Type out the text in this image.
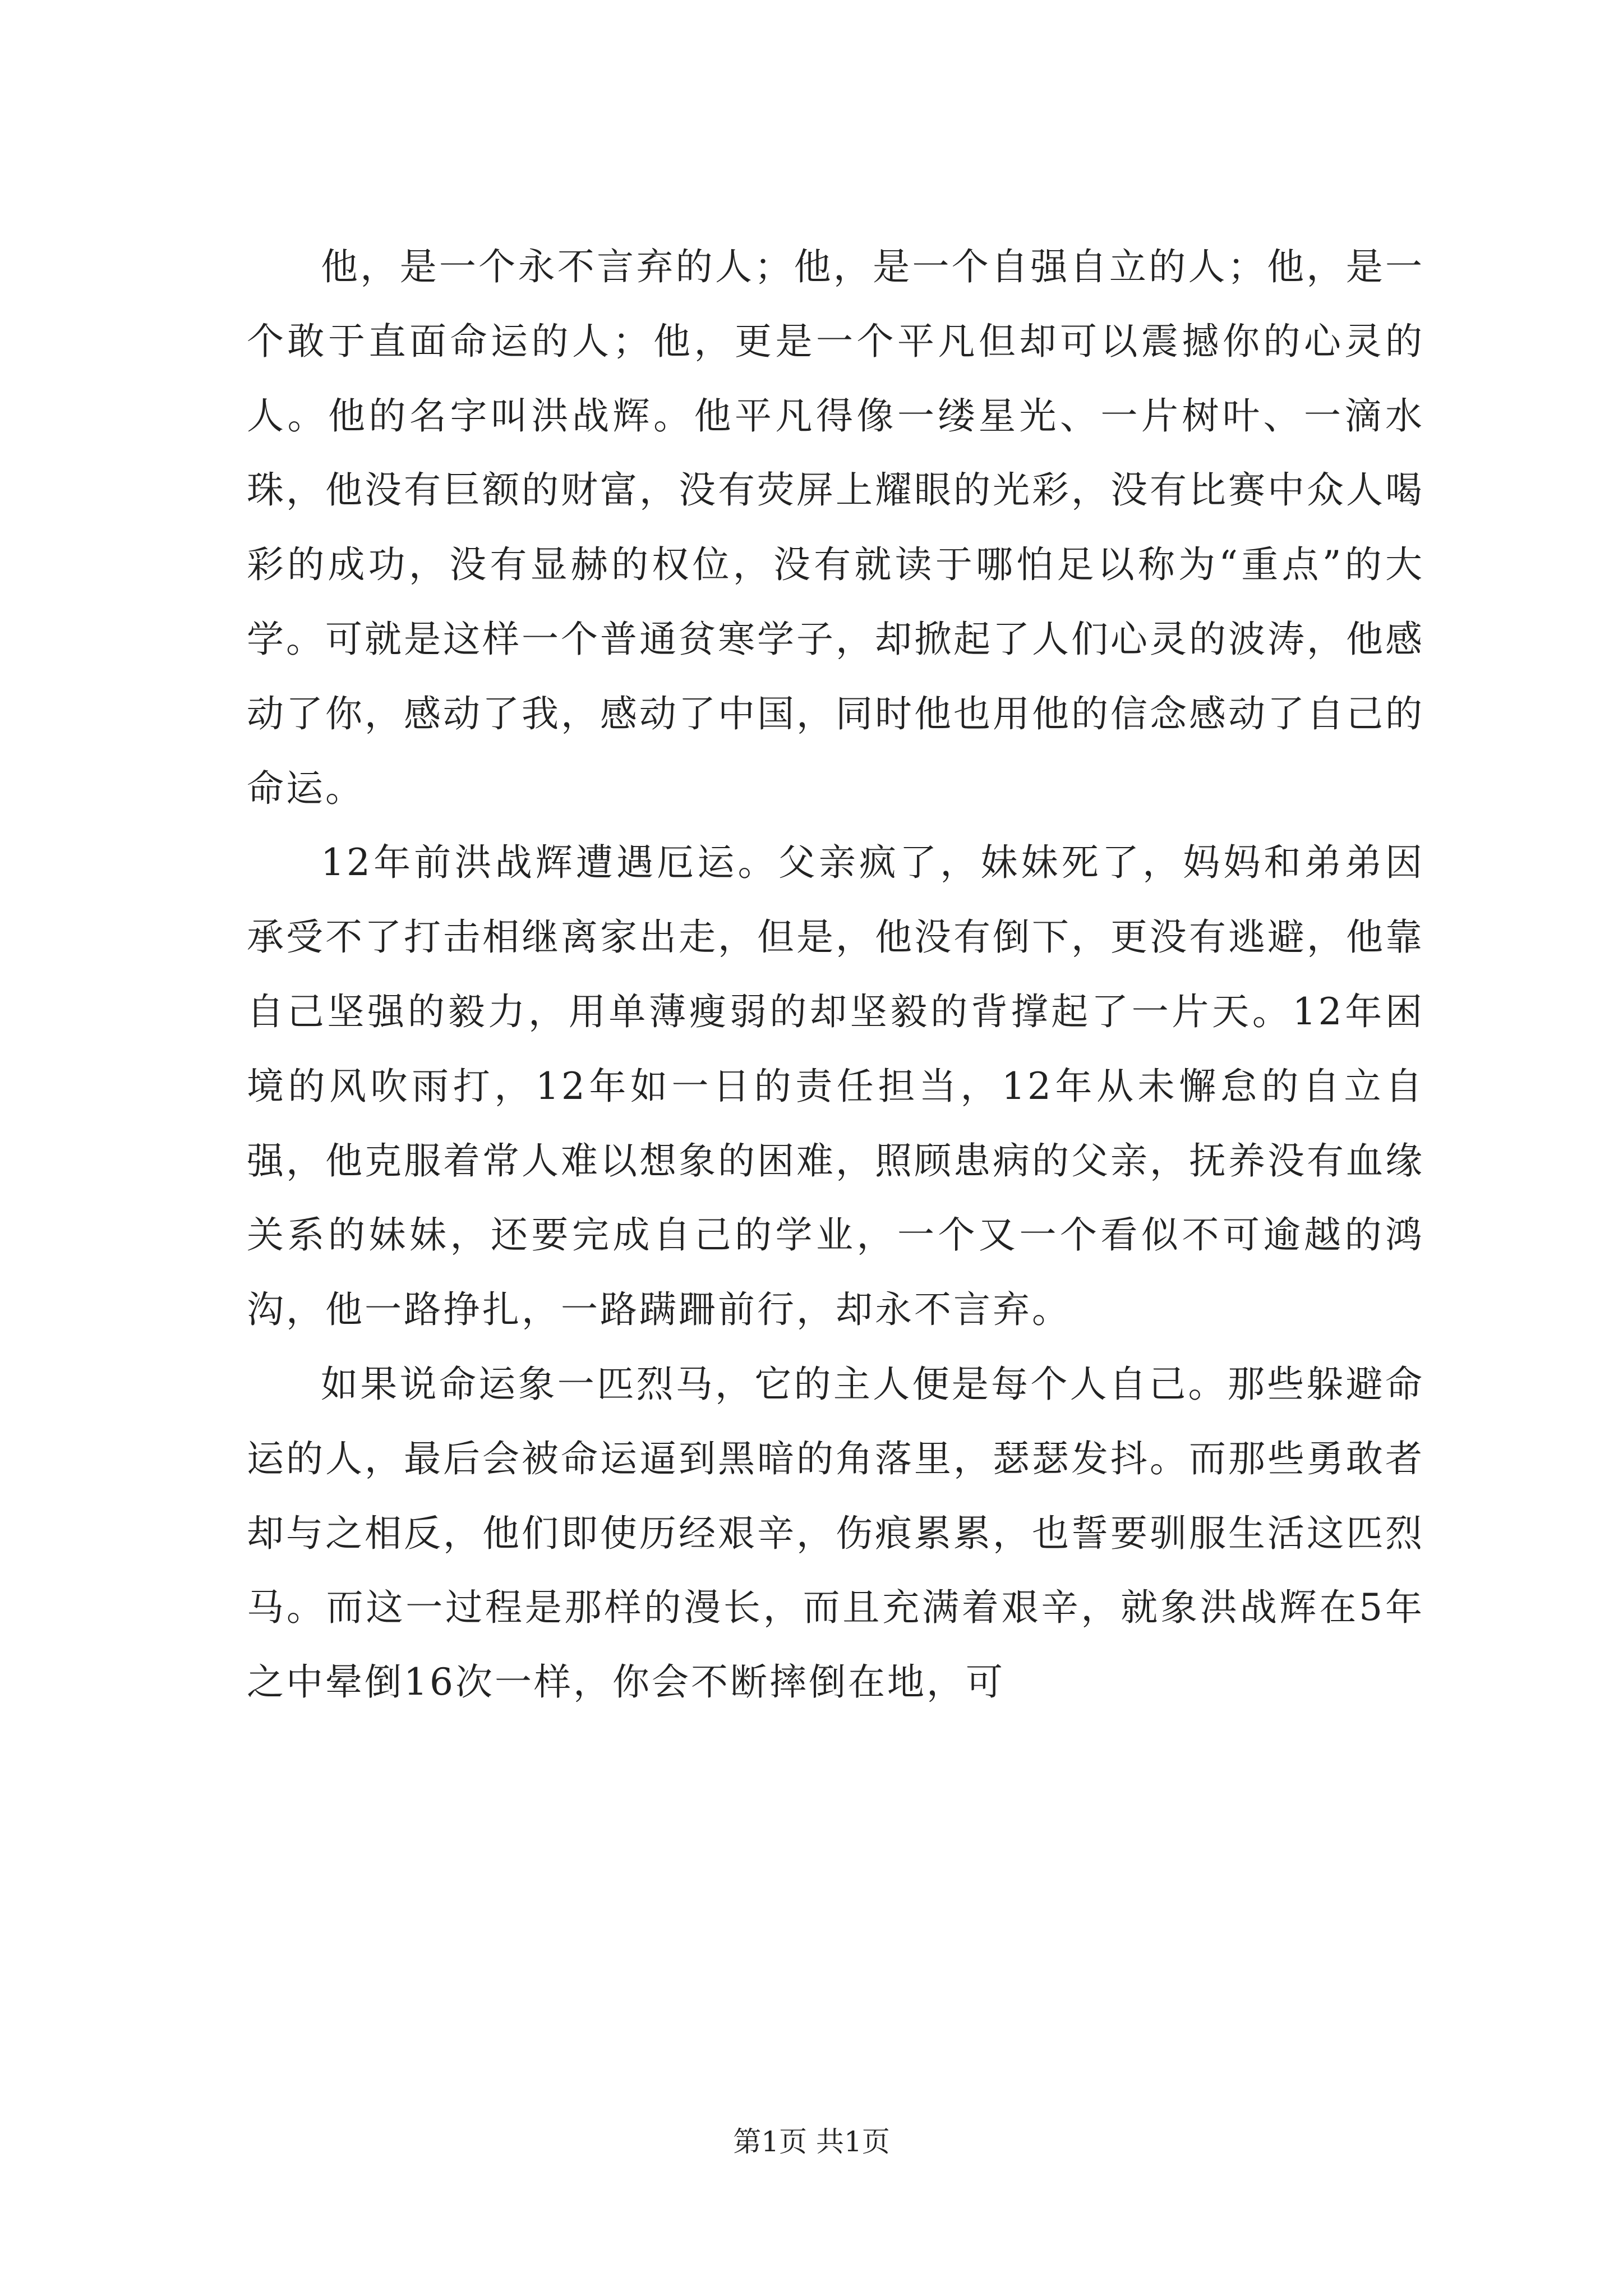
他，是一个永不言弃的人；他，是一个自强自立的人；他，是一个敢于直面命运的人；他，更是一个平凡但却可以震撼你的心灵的人。他的名字叫洪战辉。他平凡得像一缕星光、一片树叶、一滴水珠，他没有巨额的财富，没有荧屏上耀眼的光彩，没有比赛中众人喝彩的成功，没有显赫的权位，没有就读于哪怕足以称为“重点”的大学。可就是这样一个普通贫寒学子，却掀起了人们心灵的波涛，他感动了你，感动了我，感动了中国，同时他也用他的信念感动了自己的命运。

12年前洪战辉遭遇厄运。父亲疯了，妹妹死了，妈妈和弟弟因承受不了打击相继离家出走，但是，他没有倒下，更没有逃避，他靠自己坚强的毅力，用单薄瘦弱的却坚毅的背撑起了一片天。12年困境的风吹雨打，12年如一日的责任担当，12年从未懈怠的自立自强，他克服着常人难以想象的困难，照顾患病的父亲，抚养没有血缘关系的妹妹，还要完成自己的学业，一个又一个看似不可逾越的鸿沟，他一路挣扎，一路蹒跚前行，却永不言弃。

如果说命运象一匹烈马，它的主人便是每个人自己。那些躲避命运的人，最后会被命运逼到黑暗的角落里，瑟瑟发抖。而那些勇敢者却与之相反，他们即使历经艰辛，伤痕累累，也誓要驯服生活这匹烈马。而这一过程是那样的漫长，而且充满着艰辛，就象洪战辉在5年之中晕倒16次一样，你会不断摔倒在地，可

第1页 共1页
